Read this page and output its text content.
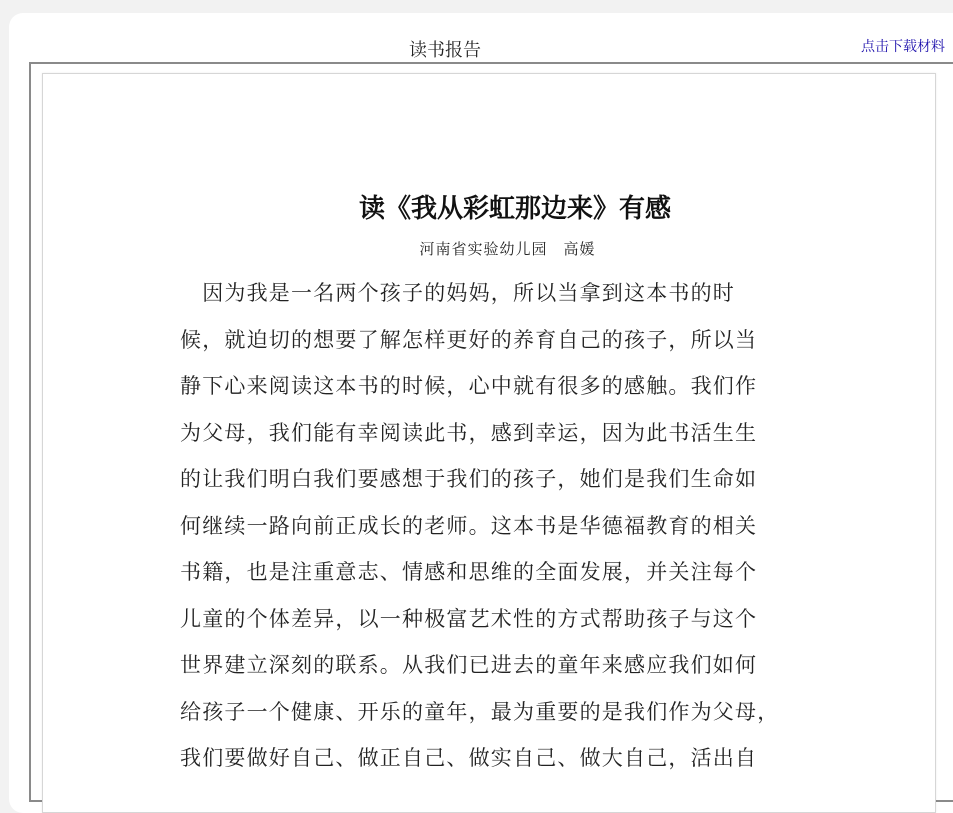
读书报告	点击下载材料
读《我从彩虹那边来》有感
河南省实验幼儿园　高媛
　因为我是一名两个孩子的妈妈，所以当拿到这本书的时
候，就迫切的想要了解怎样更好的养育自己的孩子，所以当
静下心来阅读这本书的时候，心中就有很多的感触。我们作
为父母，我们能有幸阅读此书，感到幸运，因为此书活生生
的让我们明白我们要感想于我们的孩子，她们是我们生命如
何继续一路向前正成长的老师。这本书是华德福教育的相关
书籍，也是注重意志、情感和思维的全面发展，并关注每个
儿童的个体差异，以一种极富艺术性的方式帮助孩子与这个
世界建立深刻的联系。从我们已进去的童年来感应我们如何
给孩子一个健康、开乐的童年，最为重要的是我们作为父母，
我们要做好自己、做正自己、做实自己、做大自己，活出自
